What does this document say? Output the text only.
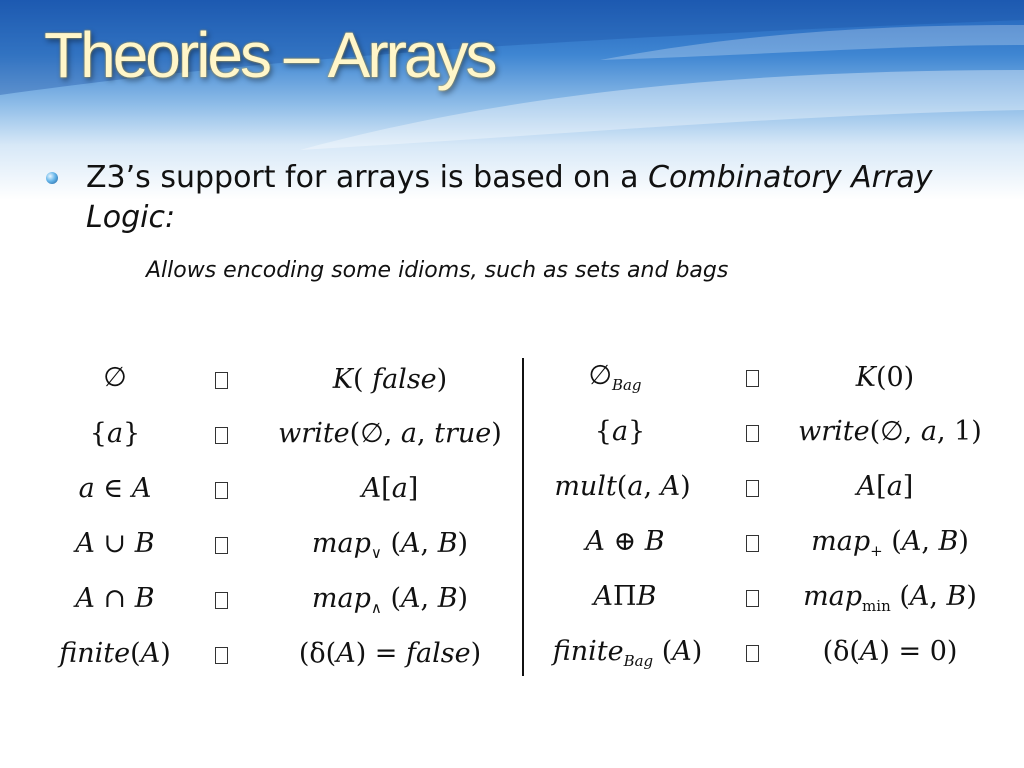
Theories – Arrays
Z3’s support for arrays is based on a Combinatory Array Logic:
Allows encoding some idioms, such as sets and bags
∅	K( false)
{a}	write(∅, a, true)
a ∈ A	A[a]
A ∪ B	map$_\vee$ (A, B)
A ∩ B	map$_\wedge$ (A, B)
finite(A)	(δ(A) = false)
$\emptyset_{Bag}$	K(0)
{a}	write(∅, a, 1)
mult(a, A)	A[a]
A ⊕ B	map$_+$ (A, B)
AΠB	map$_{min}$ (A, B)
finite$_{Bag}$ (A)	(δ(A) = 0)
